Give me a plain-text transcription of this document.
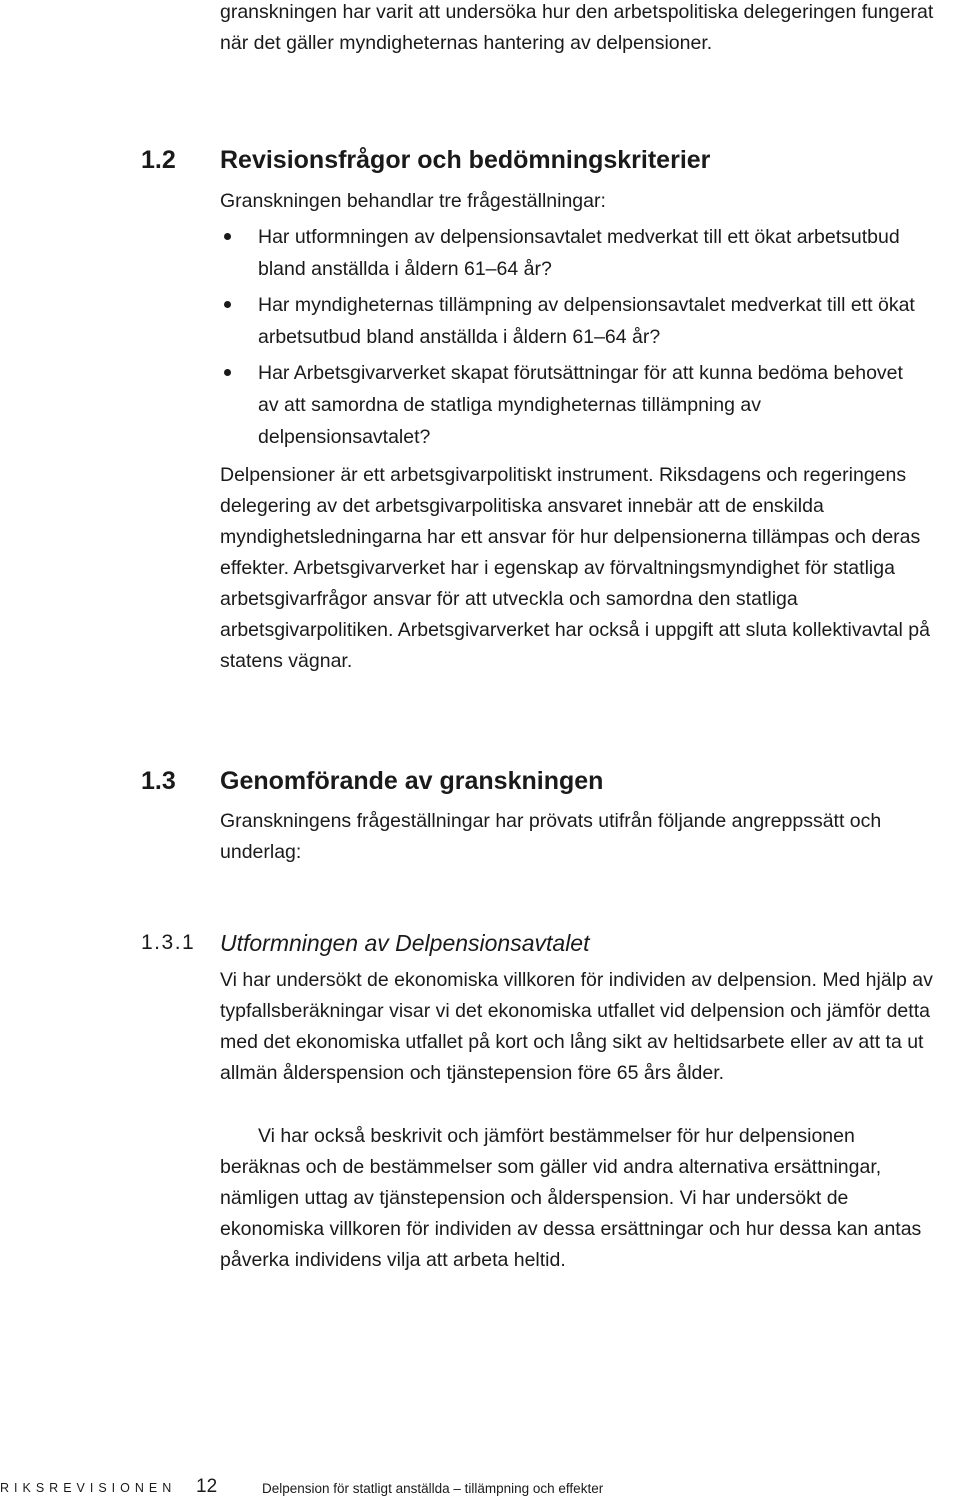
granskningen har varit att undersöka hur den arbetspolitiska delegeringen fungerat när det gäller myndigheternas hantering av delpensioner.

1.2 Revisionsfrågor och bedömningskriterier

Granskningen behandlar tre frågeställningar:

Har utformningen av delpensionsavtalet medverkat till ett ökat arbetsutbud bland anställda i åldern 61–64 år?
Har myndigheternas tillämpning av delpensionsavtalet medverkat till ett ökat arbetsutbud bland anställda i åldern 61–64 år?
Har Arbetsgivarverket skapat förutsättningar för att kunna bedöma behovet av att samordna de statliga myndigheternas tillämpning av delpensionsavtalet?

Delpensioner är ett arbetsgivarpolitiskt instrument. Riksdagens och regeringens delegering av det arbetsgivarpolitiska ansvaret innebär att de enskilda myndighetsledningarna har ett ansvar för hur delpensionerna tillämpas och deras effekter. Arbetsgivarverket har i egenskap av förvaltningsmyndighet för statliga arbetsgivarfrågor ansvar för att utveckla och samordna den statliga arbetsgivarpolitiken. Arbetsgivarverket har också i uppgift att sluta kollektivavtal på statens vägnar.

1.3 Genomförande av granskningen

Granskningens frågeställningar har prövats utifrån följande angreppssätt och underlag:

1.3.1 Utformningen av Delpensionsavtalet

Vi har undersökt de ekonomiska villkoren för individen av delpension. Med hjälp av typfallsberäkningar visar vi det ekonomiska utfallet vid delpension och jämför detta med det ekonomiska utfallet på kort och lång sikt av heltidsarbete eller av att ta ut allmän ålderspension och tjänstepension före 65 års ålder.

Vi har också beskrivit och jämfört bestämmelser för hur delpensionen beräknas och de bestämmelser som gäller vid andra alternativa ersättningar, nämligen uttag av tjänstepension och ålderspension. Vi har undersökt de ekonomiska villkoren för individen av dessa ersättningar och hur dessa kan antas påverka individens vilja att arbeta heltid.

RIKSREVISIONEN 12	Delpension för statligt anställda – tillämpning och effekter
